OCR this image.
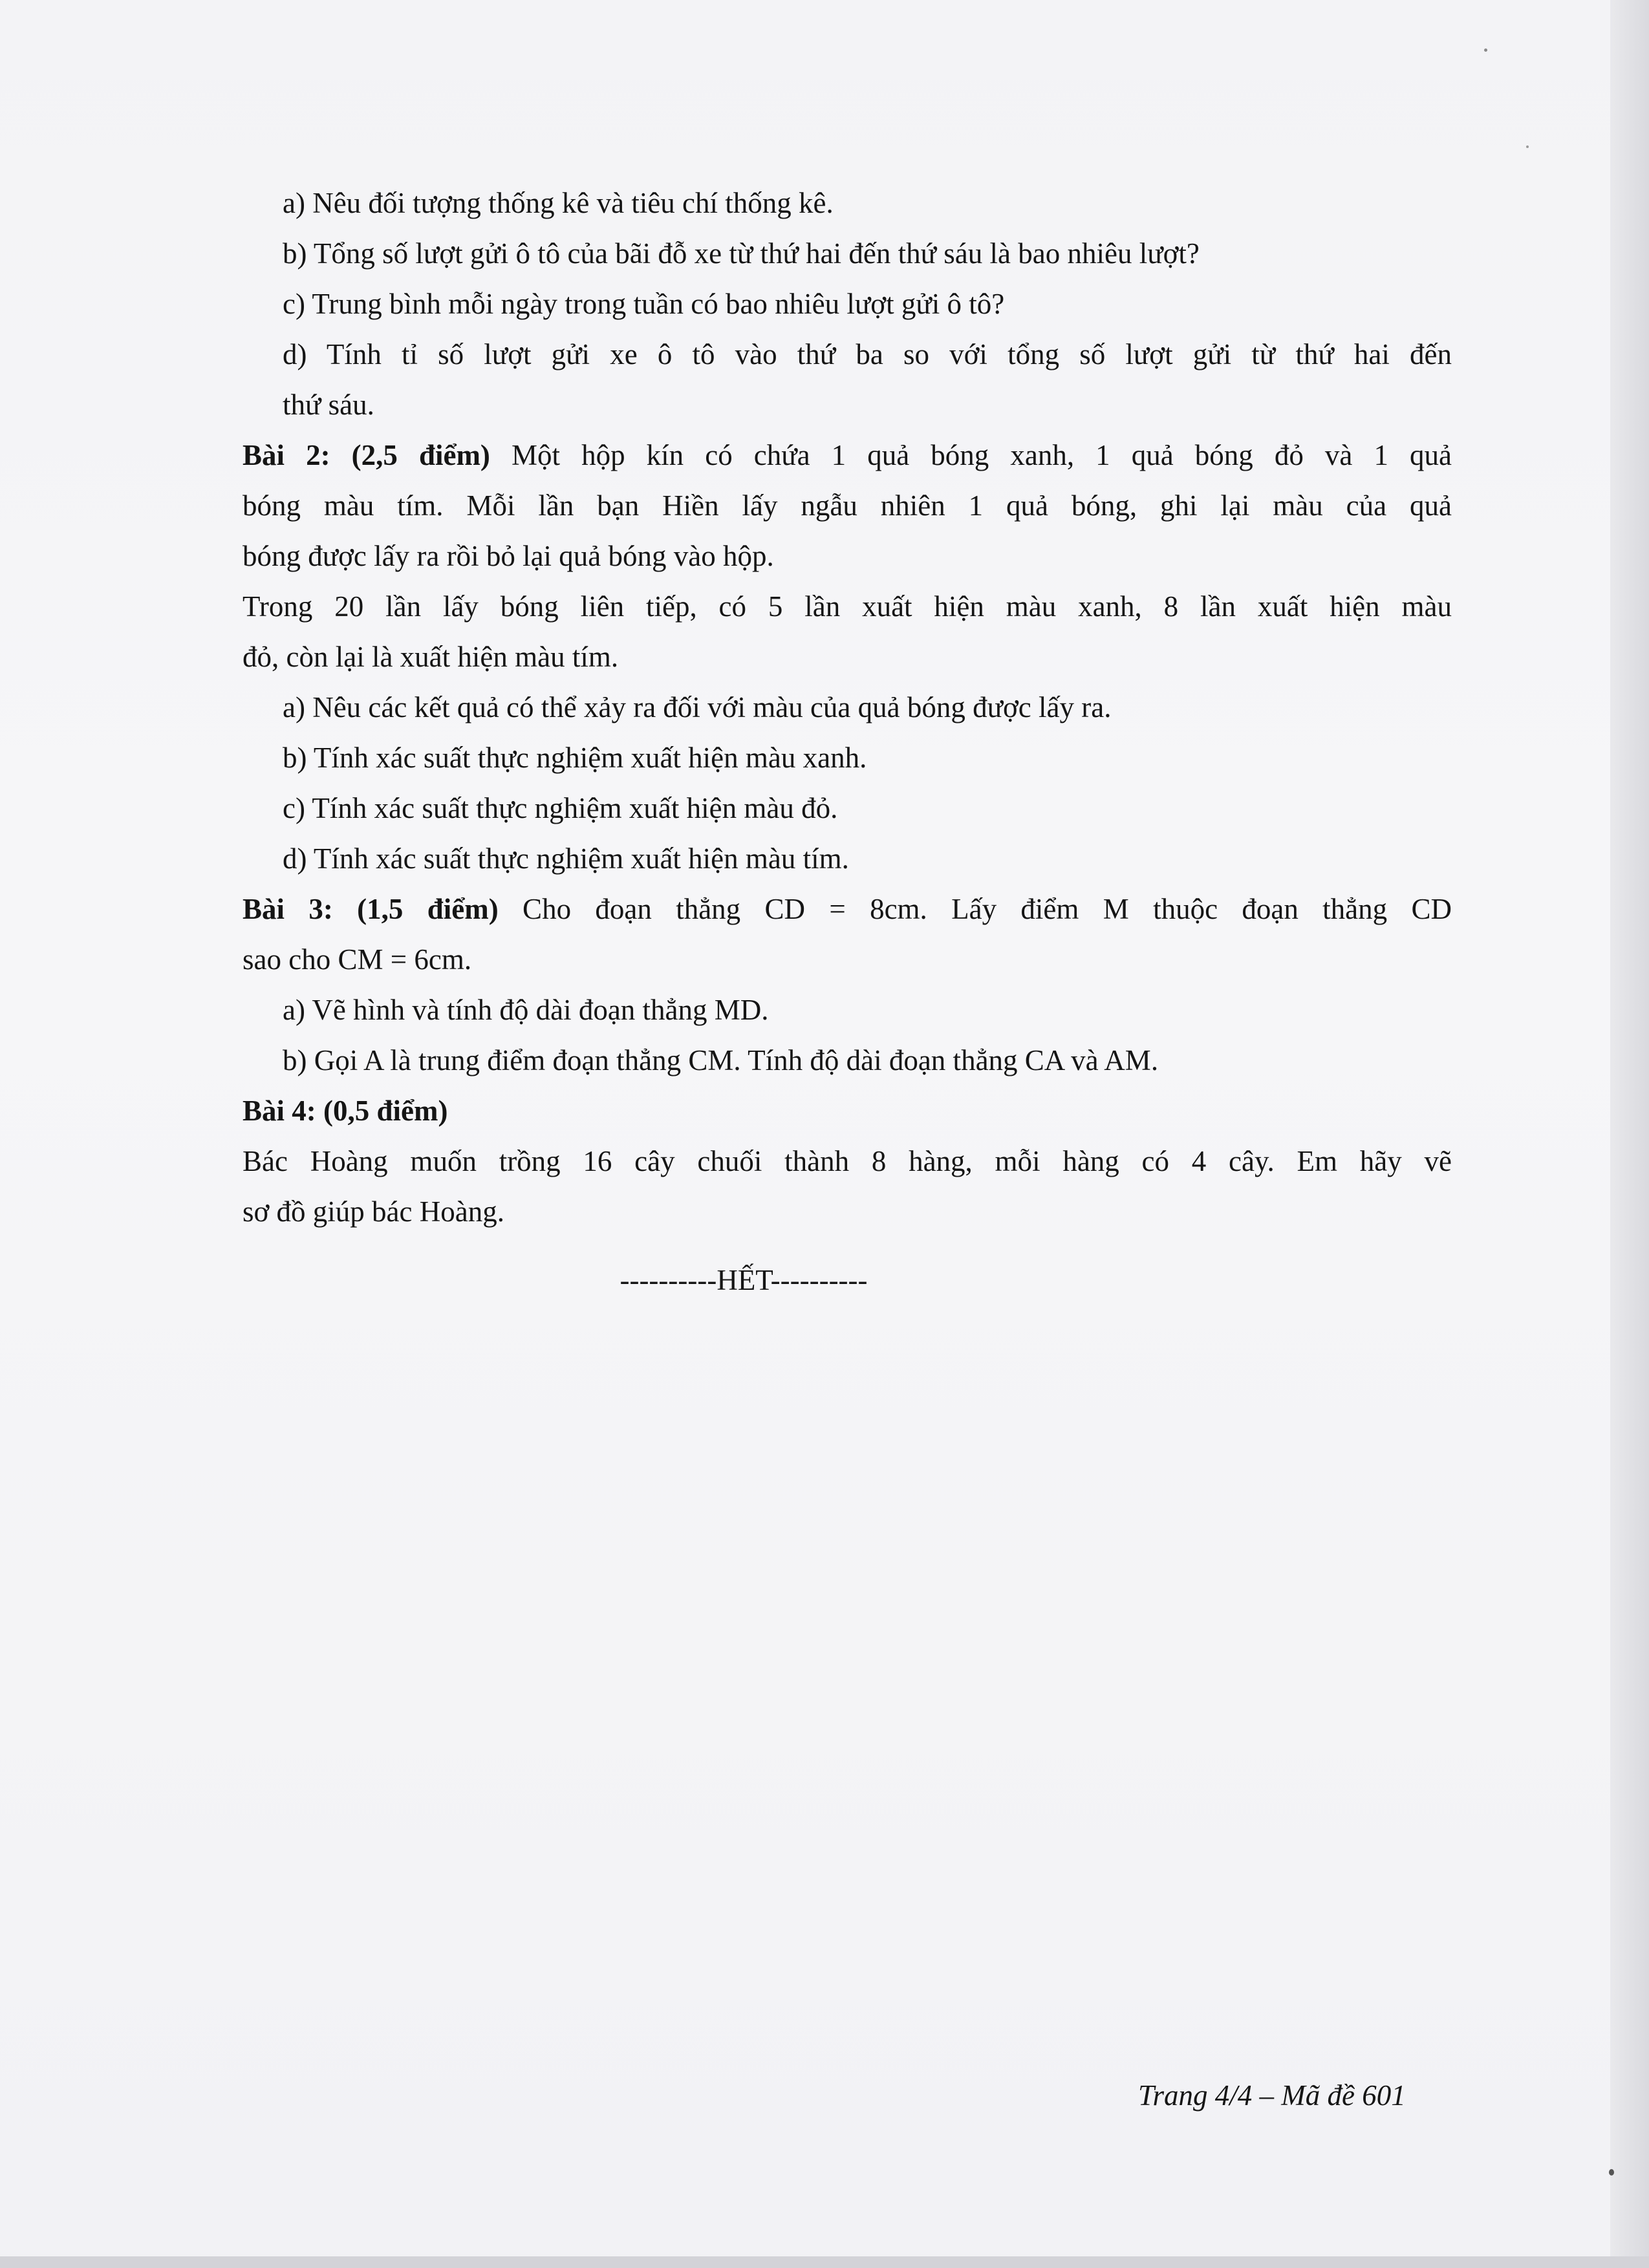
a) Nêu đối tượng thống kê và tiêu chí thống kê.
b) Tổng số lượt gửi ô tô của bãi đỗ xe từ thứ hai đến thứ sáu là bao nhiêu lượt?
c) Trung bình mỗi ngày trong tuần có bao nhiêu lượt gửi ô tô?
d) Tính tỉ số lượt gửi xe ô tô vào thứ ba so với tổng số lượt gửi từ thứ hai đến
thứ sáu.
Bài 2: (2,5 điểm) Một hộp kín có chứa 1 quả bóng xanh, 1 quả bóng đỏ và 1 quả
bóng màu tím. Mỗi lần bạn Hiền lấy ngẫu nhiên 1 quả bóng, ghi lại màu của quả
bóng được lấy ra rồi bỏ lại quả bóng vào hộp.
Trong 20 lần lấy bóng liên tiếp, có 5 lần xuất hiện màu xanh, 8 lần xuất hiện màu
đỏ, còn lại là xuất hiện màu tím.
a) Nêu các kết quả có thể xảy ra đối với màu của quả bóng được lấy ra.
b) Tính xác suất thực nghiệm xuất hiện màu xanh.
c) Tính xác suất thực nghiệm xuất hiện màu đỏ.
d) Tính xác suất thực nghiệm xuất hiện màu tím.
Bài 3: (1,5 điểm) Cho đoạn thẳng CD = 8cm. Lấy điểm M thuộc đoạn thẳng CD
sao cho CM = 6cm.
a) Vẽ hình và tính độ dài đoạn thẳng MD.
b) Gọi A là trung điểm đoạn thẳng CM. Tính độ dài đoạn thẳng CA và AM.
Bài 4: (0,5 điểm)
Bác Hoàng muốn trồng 16 cây chuối thành 8 hàng, mỗi hàng có 4 cây. Em hãy vẽ
sơ đồ giúp bác Hoàng.
----------HẾT----------
Trang 4/4 – Mã đề 601
